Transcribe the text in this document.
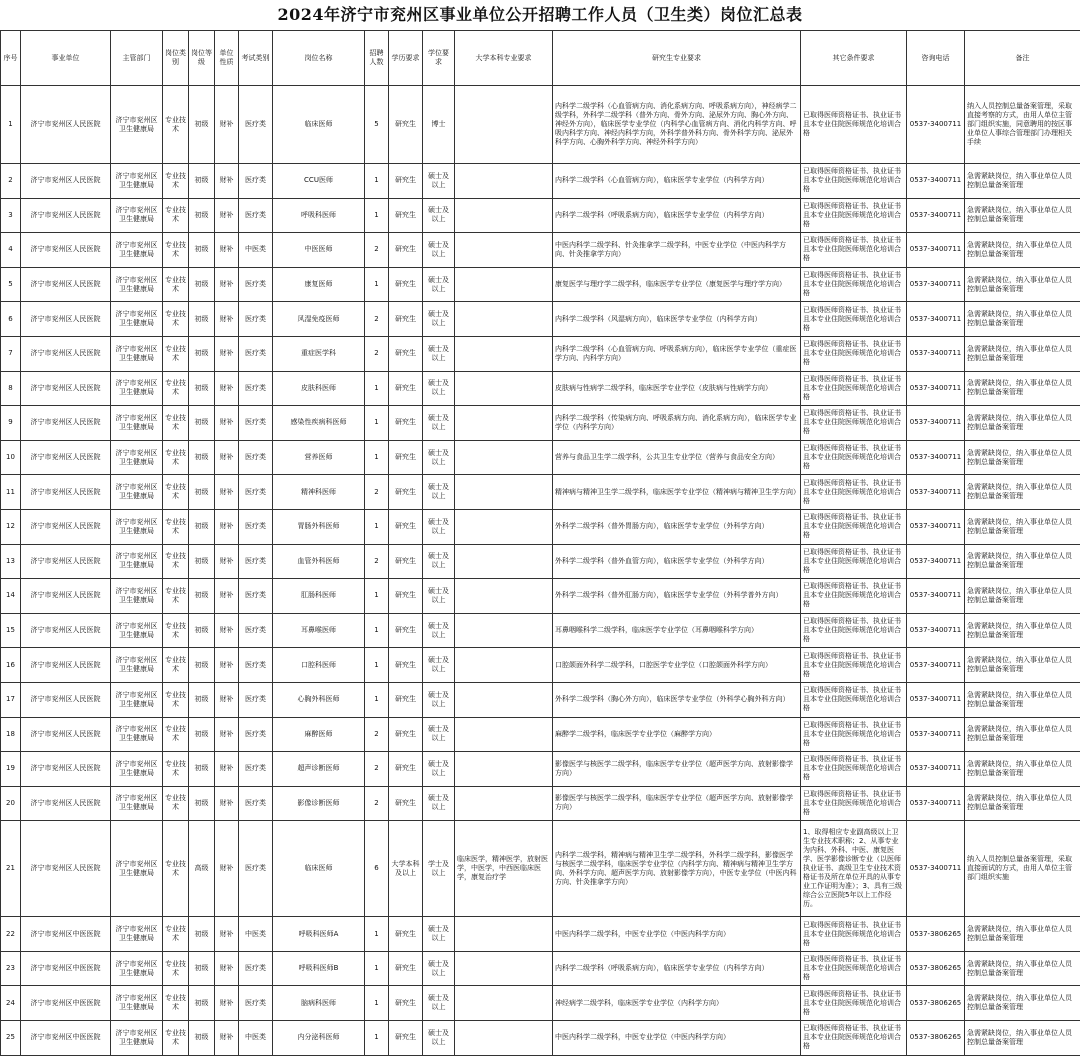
2024年济宁市兖州区事业单位公开招聘工作人员（卫生类）岗位汇总表
序号	事业单位	主管部门	岗位类别	岗位等级	单位性质	考试类别	岗位名称	招聘人数	学历要求	学位要求	大学本科专业要求	研究生专业要求	其它条件要求	咨询电话	备注
1	济宁市兖州区人民医院	济宁市兖州区卫生健康局	专业技术	初级	财补	医疗类	临床医师	5	研究生	博士		内科学二级学科（心血管病方向、消化系病方向、呼吸系病方向），神经病学二级学科，外科学二级学科（普外方向、骨外方向、泌尿外方向、胸心外方向、神经外方向），临床医学专业学位（内科学心血管病方向、消化内科学方向、呼吸内科学方向、神经内科学方向，外科学普外科方向、骨外科学方向、泌尿外科学方向、心胸外科学方向、神经外科学方向）	已取得医师资格证书、执业证书且本专业住院医师规范化培训合格	0537-3400711	纳入人员控制总量备案管理，采取直接考察的方式，由用人单位主管部门组织实施，同意聘用的按区事业单位人事综合管理部门办理相关手续
2	济宁市兖州区人民医院	济宁市兖州区卫生健康局	专业技术	初级	财补	医疗类	CCU医师	1	研究生	硕士及以上		内科学二级学科（心血管病方向），临床医学专业学位（内科学方向）	已取得医师资格证书、执业证书且本专业住院医师规范化培训合格	0537-3400711	急需紧缺岗位，纳入事业单位人员控制总量备案管理
3	济宁市兖州区人民医院	济宁市兖州区卫生健康局	专业技术	初级	财补	医疗类	呼吸科医师	1	研究生	硕士及以上		内科学二级学科（呼吸系病方向），临床医学专业学位（内科学方向）	已取得医师资格证书、执业证书且本专业住院医师规范化培训合格	0537-3400711	急需紧缺岗位，纳入事业单位人员控制总量备案管理
4	济宁市兖州区人民医院	济宁市兖州区卫生健康局	专业技术	初级	财补	中医类	中医医师	2	研究生	硕士及以上		中医内科学二级学科、针灸推拿学二级学科，中医专业学位（中医内科学方向、针灸推拿学方向）	已取得医师资格证书、执业证书且本专业住院医师规范化培训合格	0537-3400711	急需紧缺岗位，纳入事业单位人员控制总量备案管理
5	济宁市兖州区人民医院	济宁市兖州区卫生健康局	专业技术	初级	财补	医疗类	康复医师	1	研究生	硕士及以上		康复医学与理疗学二级学科，临床医学专业学位（康复医学与理疗学方向）	已取得医师资格证书、执业证书且本专业住院医师规范化培训合格	0537-3400711	急需紧缺岗位，纳入事业单位人员控制总量备案管理
6	济宁市兖州区人民医院	济宁市兖州区卫生健康局	专业技术	初级	财补	医疗类	风湿免疫医师	2	研究生	硕士及以上		内科学二级学科（风湿病方向），临床医学专业学位（内科学方向）	已取得医师资格证书、执业证书且本专业住院医师规范化培训合格	0537-3400711	急需紧缺岗位，纳入事业单位人员控制总量备案管理
7	济宁市兖州区人民医院	济宁市兖州区卫生健康局	专业技术	初级	财补	医疗类	重症医学科	2	研究生	硕士及以上		内科学二级学科（心血管病方向、呼吸系病方向），临床医学专业学位（重症医学方向、内科学方向）	已取得医师资格证书、执业证书且本专业住院医师规范化培训合格	0537-3400711	急需紧缺岗位，纳入事业单位人员控制总量备案管理
8	济宁市兖州区人民医院	济宁市兖州区卫生健康局	专业技术	初级	财补	医疗类	皮肤科医师	1	研究生	硕士及以上		皮肤病与性病学二级学科，临床医学专业学位（皮肤病与性病学方向）	已取得医师资格证书、执业证书且本专业住院医师规范化培训合格	0537-3400711	急需紧缺岗位，纳入事业单位人员控制总量备案管理
9	济宁市兖州区人民医院	济宁市兖州区卫生健康局	专业技术	初级	财补	医疗类	感染性疾病科医师	1	研究生	硕士及以上		内科学二级学科（传染病方向、呼吸系病方向、消化系病方向），临床医学专业学位（内科学方向）	已取得医师资格证书、执业证书且本专业住院医师规范化培训合格	0537-3400711	急需紧缺岗位，纳入事业单位人员控制总量备案管理
10	济宁市兖州区人民医院	济宁市兖州区卫生健康局	专业技术	初级	财补	医疗类	营养医师	1	研究生	硕士及以上		营养与食品卫生学二级学科，公共卫生专业学位（营养与食品安全方向）	已取得医师资格证书、执业证书且本专业住院医师规范化培训合格	0537-3400711	急需紧缺岗位，纳入事业单位人员控制总量备案管理
11	济宁市兖州区人民医院	济宁市兖州区卫生健康局	专业技术	初级	财补	医疗类	精神科医师	2	研究生	硕士及以上		精神病与精神卫生学二级学科，临床医学专业学位（精神病与精神卫生学方向）	已取得医师资格证书、执业证书且本专业住院医师规范化培训合格	0537-3400711	急需紧缺岗位，纳入事业单位人员控制总量备案管理
12	济宁市兖州区人民医院	济宁市兖州区卫生健康局	专业技术	初级	财补	医疗类	胃肠外科医师	1	研究生	硕士及以上		外科学二级学科（普外胃肠方向），临床医学专业学位（外科学方向）	已取得医师资格证书、执业证书且本专业住院医师规范化培训合格	0537-3400711	急需紧缺岗位，纳入事业单位人员控制总量备案管理
13	济宁市兖州区人民医院	济宁市兖州区卫生健康局	专业技术	初级	财补	医疗类	血管外科医师	2	研究生	硕士及以上		外科学二级学科（普外血管方向），临床医学专业学位（外科学方向）	已取得医师资格证书、执业证书且本专业住院医师规范化培训合格	0537-3400711	急需紧缺岗位，纳入事业单位人员控制总量备案管理
14	济宁市兖州区人民医院	济宁市兖州区卫生健康局	专业技术	初级	财补	医疗类	肛肠科医师	1	研究生	硕士及以上		外科学二级学科（普外肛肠方向），临床医学专业学位（外科学普外方向）	已取得医师资格证书、执业证书且本专业住院医师规范化培训合格	0537-3400711	急需紧缺岗位，纳入事业单位人员控制总量备案管理
15	济宁市兖州区人民医院	济宁市兖州区卫生健康局	专业技术	初级	财补	医疗类	耳鼻喉医师	1	研究生	硕士及以上		耳鼻咽喉科学二级学科，临床医学专业学位（耳鼻咽喉科学方向）	已取得医师资格证书、执业证书且本专业住院医师规范化培训合格	0537-3400711	急需紧缺岗位，纳入事业单位人员控制总量备案管理
16	济宁市兖州区人民医院	济宁市兖州区卫生健康局	专业技术	初级	财补	医疗类	口腔科医师	1	研究生	硕士及以上		口腔颌面外科学二级学科，口腔医学专业学位（口腔颌面外科学方向）	已取得医师资格证书、执业证书且本专业住院医师规范化培训合格	0537-3400711	急需紧缺岗位，纳入事业单位人员控制总量备案管理
17	济宁市兖州区人民医院	济宁市兖州区卫生健康局	专业技术	初级	财补	医疗类	心胸外科医师	1	研究生	硕士及以上		外科学二级学科（胸心外方向），临床医学专业学位（外科学心胸外科方向）	已取得医师资格证书、执业证书且本专业住院医师规范化培训合格	0537-3400711	急需紧缺岗位，纳入事业单位人员控制总量备案管理
18	济宁市兖州区人民医院	济宁市兖州区卫生健康局	专业技术	初级	财补	医疗类	麻醉医师	2	研究生	硕士及以上		麻醉学二级学科，临床医学专业学位（麻醉学方向）	已取得医师资格证书、执业证书且本专业住院医师规范化培训合格	0537-3400711	急需紧缺岗位，纳入事业单位人员控制总量备案管理
19	济宁市兖州区人民医院	济宁市兖州区卫生健康局	专业技术	初级	财补	医疗类	超声诊断医师	2	研究生	硕士及以上		影像医学与核医学二级学科，临床医学专业学位（超声医学方向、放射影像学方向）	已取得医师资格证书、执业证书且本专业住院医师规范化培训合格	0537-3400711	急需紧缺岗位，纳入事业单位人员控制总量备案管理
20	济宁市兖州区人民医院	济宁市兖州区卫生健康局	专业技术	初级	财补	医疗类	影像诊断医师	2	研究生	硕士及以上		影像医学与核医学二级学科，临床医学专业学位（超声医学方向、放射影像学方向）	已取得医师资格证书、执业证书且本专业住院医师规范化培训合格	0537-3400711	急需紧缺岗位，纳入事业单位人员控制总量备案管理
21	济宁市兖州区人民医院	济宁市兖州区卫生健康局	专业技术	高级	财补	医疗类	临床医师	6	大学本科及以上	学士及以上	临床医学，精神医学，放射医学，中医学，中西医临床医学，康复治疗学	内科学二级学科，精神病与精神卫生学二级学科，外科学二级学科，影像医学与核医学二级学科，临床医学专业学位（内科学方向、精神病与精神卫生学方向、外科学方向、超声医学方向、放射影像学方向），中医专业学位（中医内科方向、针灸推拿学方向）	1、取得相应专业副高级以上卫生专业技术职称；2、从事专业为内科、外科、中医、康复医学、医学影像诊断专业（以医师执业证书、高级卫生专业技术资格证书及所在单位开具的从事专业工作证明为准）；3、具有三级综合公立医院5年以上工作经历。	0537-3400711	纳入人员控制总量备案管理，采取直接面试的方式，由用人单位主管部门组织实施
22	济宁市兖州区中医医院	济宁市兖州区卫生健康局	专业技术	初级	财补	中医类	呼吸科医师A	1	研究生	硕士及以上		中医内科学二级学科，中医专业学位（中医内科学方向）	已取得医师资格证书、执业证书且本专业住院医师规范化培训合格	0537-3806265	急需紧缺岗位，纳入事业单位人员控制总量备案管理
23	济宁市兖州区中医医院	济宁市兖州区卫生健康局	专业技术	初级	财补	医疗类	呼吸科医师B	1	研究生	硕士及以上		内科学二级学科（呼吸系病方向），临床医学专业学位（内科学方向）	已取得医师资格证书、执业证书且本专业住院医师规范化培训合格	0537-3806265	急需紧缺岗位，纳入事业单位人员控制总量备案管理
24	济宁市兖州区中医医院	济宁市兖州区卫生健康局	专业技术	初级	财补	医疗类	脑病科医师	1	研究生	硕士及以上		神经病学二级学科，临床医学专业学位（内科学方向）	已取得医师资格证书、执业证书且本专业住院医师规范化培训合格	0537-3806265	急需紧缺岗位，纳入事业单位人员控制总量备案管理
25	济宁市兖州区中医医院	济宁市兖州区卫生健康局	专业技术	初级	财补	中医类	内分泌科医师	1	研究生	硕士及以上		中医内科学二级学科，中医专业学位（中医内科学方向）	已取得医师资格证书、执业证书且本专业住院医师规范化培训合格	0537-3806265	急需紧缺岗位，纳入事业单位人员控制总量备案管理
